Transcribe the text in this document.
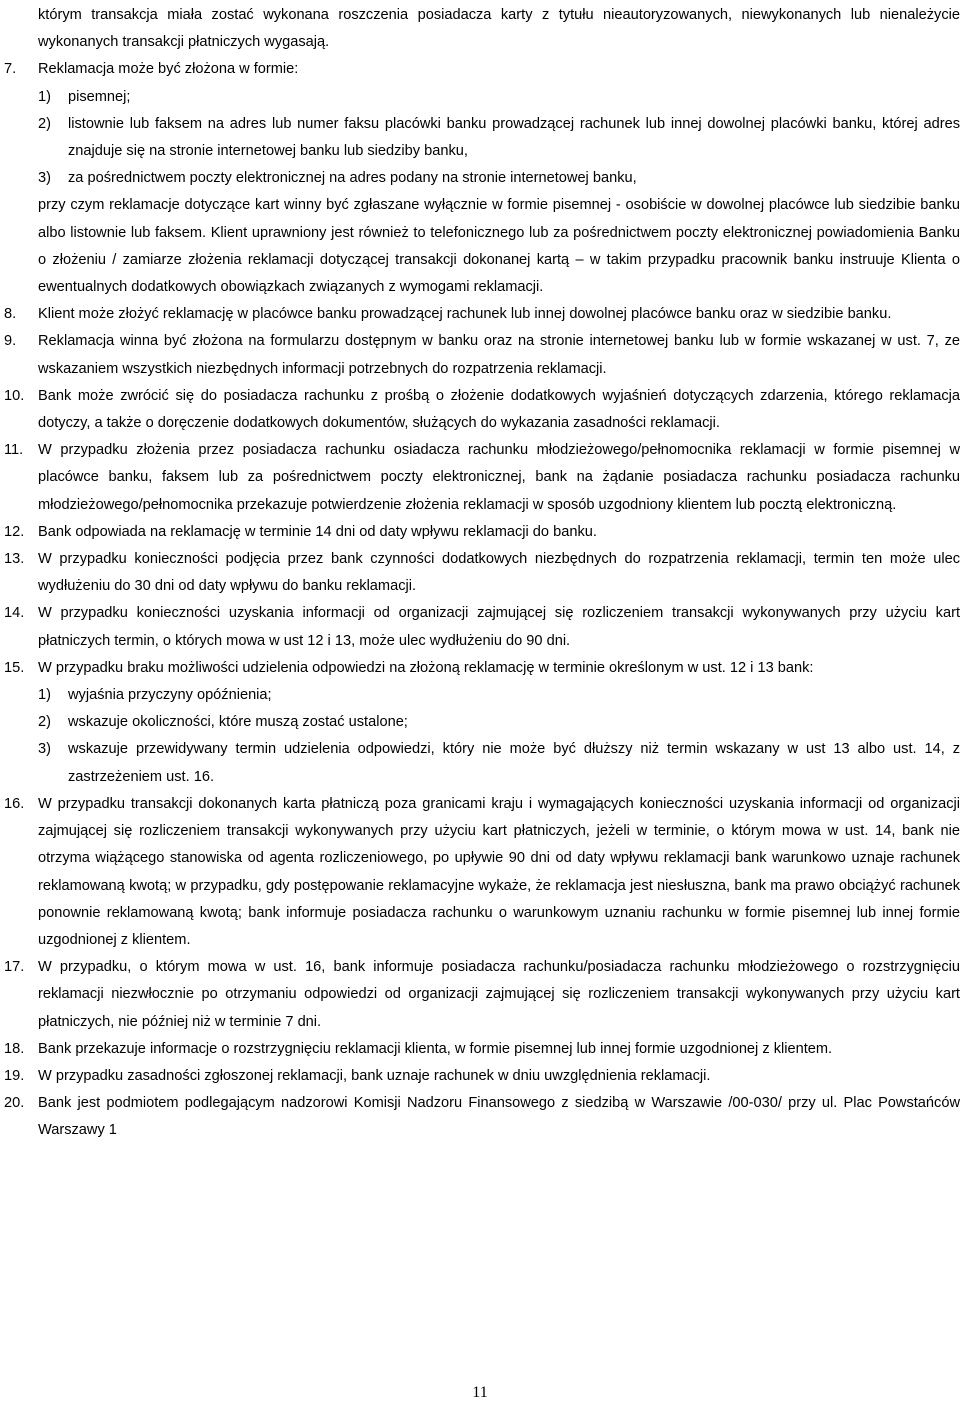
którym transakcja miała zostać wykonana roszczenia posiadacza karty z tytułu nieautoryzowanych, niewykonanych lub nienależycie wykonanych transakcji płatniczych wygasają.
7. Reklamacja może być złożona w formie:
1) pisemnej;
2) listownie lub faksem na adres lub numer faksu placówki banku prowadzącej rachunek lub innej dowolnej placówki banku, której adres znajduje się na stronie internetowej banku lub siedziby banku,
3) za pośrednictwem poczty elektronicznej na adres podany na stronie internetowej banku,
przy czym reklamacje dotyczące kart winny być zgłaszane wyłącznie w formie pisemnej - osobiście w dowolnej placówce lub siedzibie banku albo listownie lub faksem. Klient uprawniony jest również to telefonicznego lub za pośrednictwem poczty elektronicznej powiadomienia Banku o złożeniu / zamiarze złożenia reklamacji dotyczącej transakcji dokonanej kartą – w takim przypadku pracownik banku instruuje Klienta o ewentualnych dodatkowych obowiązkach związanych z wymogami reklamacji.
8. Klient może złożyć reklamację w placówce banku prowadzącej rachunek lub innej dowolnej placówce banku oraz w siedzibie banku.
9. Reklamacja winna być złożona na formularzu dostępnym w banku oraz na stronie internetowej banku lub w formie wskazanej w ust. 7, ze wskazaniem wszystkich niezbędnych informacji potrzebnych do rozpatrzenia reklamacji.
10. Bank może zwrócić się do posiadacza rachunku z prośbą o złożenie dodatkowych wyjaśnień dotyczących zdarzenia, którego reklamacja dotyczy, a także o doręczenie dodatkowych dokumentów, służących do wykazania zasadności reklamacji.
11. W przypadku złożenia przez posiadacza rachunku osiadacza rachunku młodzieżowego/pełnomocnika reklamacji w formie pisemnej w placówce banku, faksem lub za pośrednictwem poczty elektronicznej, bank na żądanie posiadacza rachunku posiadacza rachunku młodzieżowego/pełnomocnika przekazuje potwierdzenie złożenia reklamacji w sposób uzgodniony klientem lub pocztą elektroniczną.
12. Bank odpowiada na reklamację w terminie 14 dni od daty wpływu reklamacji do banku.
13. W przypadku konieczności podjęcia przez bank czynności dodatkowych niezbędnych do rozpatrzenia reklamacji, termin ten może ulec wydłużeniu do 30 dni od daty wpływu do banku reklamacji.
14. W przypadku konieczności uzyskania informacji od organizacji zajmującej się rozliczeniem transakcji wykonywanych przy użyciu kart płatniczych termin, o których mowa w ust 12 i 13, może ulec wydłużeniu do 90 dni.
15. W przypadku braku możliwości udzielenia odpowiedzi na złożoną reklamację w terminie określonym w ust. 12 i 13 bank:
1) wyjaśnia przyczyny opóźnienia;
2) wskazuje okoliczności, które muszą zostać ustalone;
3) wskazuje przewidywany termin udzielenia odpowiedzi, który nie może być dłuższy niż termin wskazany w ust 13 albo ust. 14, z zastrzeżeniem ust. 16.
16. W przypadku transakcji dokonanych karta płatniczą poza granicami kraju i wymagających konieczności uzyskania informacji od organizacji zajmującej się rozliczeniem transakcji wykonywanych przy użyciu kart płatniczych, jeżeli w terminie, o którym mowa w ust. 14, bank nie otrzyma wiążącego stanowiska od agenta rozliczeniowego, po upływie 90 dni od daty wpływu reklamacji bank warunkowo uznaje rachunek reklamowaną kwotą; w przypadku, gdy postępowanie reklamacyjne wykaże, że reklamacja jest niesłuszna, bank ma prawo obciążyć rachunek ponownie reklamowaną kwotą; bank informuje posiadacza rachunku o warunkowym uznaniu rachunku w formie pisemnej lub innej formie uzgodnionej z klientem.
17. W przypadku, o którym mowa w ust. 16, bank informuje posiadacza rachunku/posiadacza rachunku młodzieżowego o rozstrzygnięciu reklamacji niezwłocznie po otrzymaniu odpowiedzi od organizacji zajmującej się rozliczeniem transakcji wykonywanych przy użyciu kart płatniczych, nie później niż w terminie 7 dni.
18. Bank przekazuje informacje o rozstrzygnięciu reklamacji klienta, w formie pisemnej lub innej formie uzgodnionej z klientem.
19. W przypadku zasadności zgłoszonej reklamacji, bank uznaje rachunek w dniu uwzględnienia reklamacji.
20. Bank jest podmiotem podlegającym nadzorowi Komisji Nadzoru Finansowego z siedzibą w Warszawie /00-030/ przy ul. Plac Powstańców Warszawy 1
11
